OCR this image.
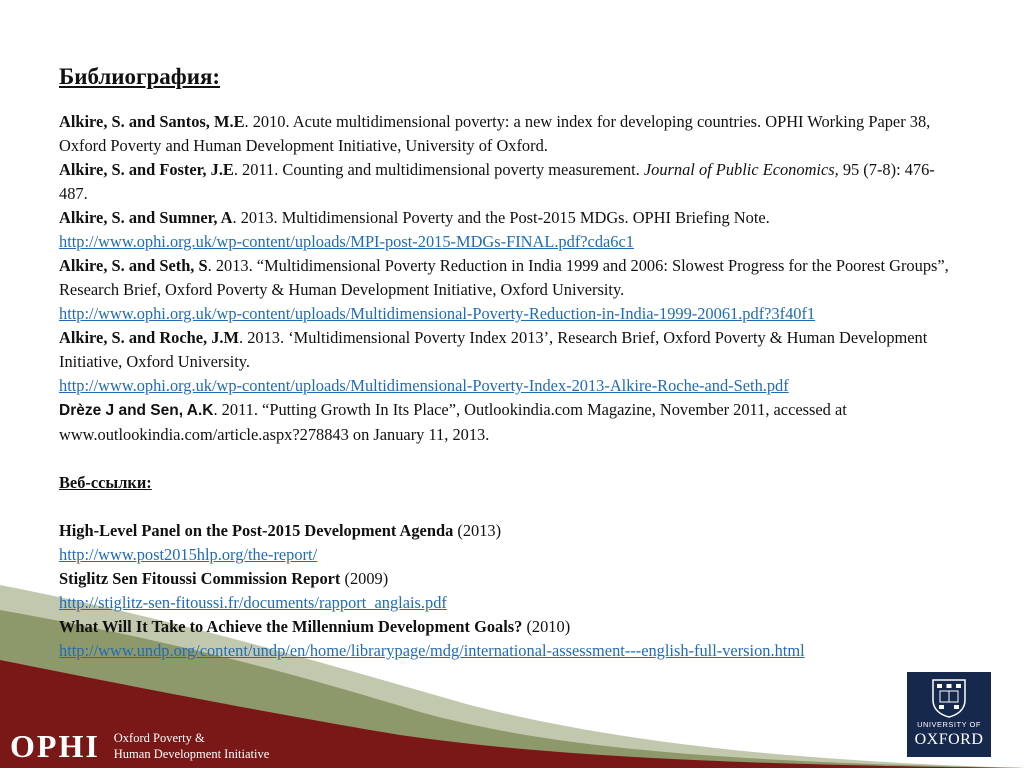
Библиография:

Alkire, S. and Santos, M.E. 2010. Acute multidimensional poverty: a new index for developing countries. OPHI Working Paper 38, Oxford Poverty and Human Development Initiative, University of Oxford.

Alkire, S. and Foster, J.E. 2011. Counting and multidimensional poverty measurement. Journal of Public Economics, 95 (7-8): 476-487.

Alkire, S. and Sumner, A. 2013. Multidimensional Poverty and the Post-2015 MDGs. OPHI Briefing Note.
http://www.ophi.org.uk/wp-content/uploads/MPI-post-2015-MDGs-FINAL.pdf?cda6c1

Alkire, S. and Seth, S. 2013. “Multidimensional Poverty Reduction in India 1999 and 2006: Slowest Progress for the Poorest Groups”, Research Brief, Oxford Poverty & Human Development Initiative, Oxford University.
http://www.ophi.org.uk/wp-content/uploads/Multidimensional-Poverty-Reduction-in-India-1999-20061.pdf?3f40f1

Alkire, S. and Roche, J.M. 2013. ‘Multidimensional Poverty Index 2013’, Research Brief, Oxford Poverty & Human Development Initiative, Oxford University.
http://www.ophi.org.uk/wp-content/uploads/Multidimensional-Poverty-Index-2013-Alkire-Roche-and-Seth.pdf

Drèze J and Sen, A.K. 2011. “Putting Growth In Its Place”, Outlookindia.com Magazine, November 2011, accessed at www.outlookindia.com/article.aspx?278843 on January 11, 2013.

Веб-ссылки:

High-Level Panel on the Post-2015 Development Agenda (2013)
http://www.post2015hlp.org/the-report/

Stiglitz Sen Fitoussi Commission Report (2009)
http://stiglitz-sen-fitoussi.fr/documents/rapport_anglais.pdf

What Will It Take to Achieve the Millennium Development Goals? (2010)
http://www.undp.org/content/undp/en/home/librarypage/mdg/international-assessment---english-full-version.html

OPHI Oxford Poverty &
Human Development Initiative
UNIVERSITY OF
OXFORD
